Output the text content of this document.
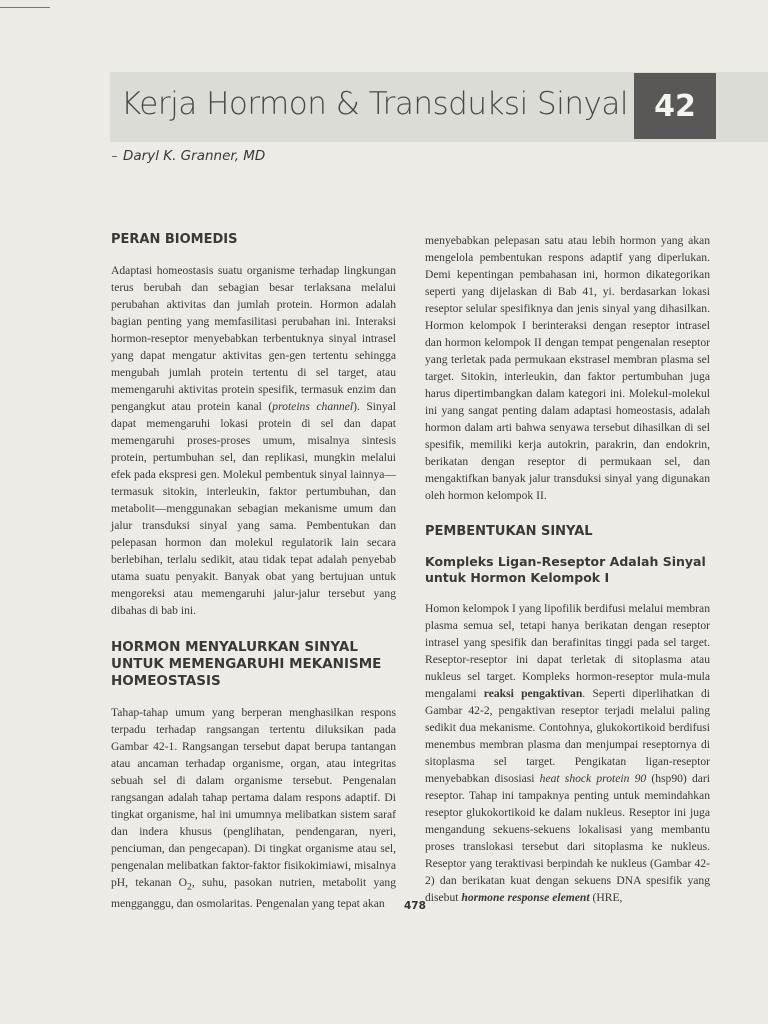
Kerja Hormon & Transduksi Sinyal 42
Daryl K. Granner, MD
PERAN BIOMEDIS

Adaptasi homeostasis suatu organisme terhadap lingkungan terus berubah dan sebagian besar terlaksana melalui perubahan aktivitas dan jumlah protein. Hormon adalah bagian penting yang memfasilitasi perubahan ini. Interaksi hormon-reseptor menyebabkan terbentuknya sinyal intrasel yang dapat mengatur aktivitas gen-gen tertentu sehingga mengubah jumlah protein tertentu di sel target, atau memengaruhi aktivitas protein spesifik, termasuk enzim dan pengangkut atau protein kanal (proteins channel). Sinyal dapat memengaruhi lokasi protein di sel dan dapat memengaruhi proses-proses umum, misalnya sintesis protein, pertumbuhan sel, dan replikasi, mungkin melalui efek pada ekspresi gen. Molekul pembentuk sinyal lainnya—termasuk sitokin, interleukin, faktor pertumbuhan, dan metabolit—menggunakan sebagian mekanisme umum dan jalur transduksi sinyal yang sama. Pembentukan dan pelepasan hormon dan molekul regulatorik lain secara berlebihan, terlalu sedikit, atau tidak tepat adalah penyebab utama suatu penyakit. Banyak obat yang bertujuan untuk mengoreksi atau memengaruhi jalur-jalur tersebut yang dibahas di bab ini.

HORMON MENYALURKAN SINYAL UNTUK MEMENGARUHI MEKANISME HOMEOSTASIS

Tahap-tahap umum yang berperan menghasilkan respons terpadu terhadap rangsangan tertentu diluksikan pada Gambar 42-1. Rangsangan tersebut dapat berupa tantangan atau ancaman terhadap organisme, organ, atau integritas sebuah sel di dalam organisme tersebut. Pengenalan rangsangan adalah tahap pertama dalam respons adaptif. Di tingkat organisme, hal ini umumnya melibatkan sistem saraf dan indera khusus (penglihatan, pendengaran, nyeri, penciuman, dan pengecapan). Di tingkat organisme atau sel, pengenalan melibatkan faktor-faktor fisikokimiawi, misalnya pH, tekanan $O_2$, suhu, pasokan nutrien, metabolit yang mengganggu, dan osmolaritas. Pengenalan yang tepat akan

menyebabkan pelepasan satu atau lebih hormon yang akan mengelola pembentukan respons adaptif yang diperlukan. Demi kepentingan pembahasan ini, hormon dikategorikan seperti yang dijelaskan di Bab 41, yi. berdasarkan lokasi reseptor selular spesifiknya dan jenis sinyal yang dihasilkan. Hormon kelompok I berinteraksi dengan reseptor intrasel dan hormon kelompok II dengan tempat pengenalan reseptor yang terletak pada permukaan ekstrasel membran plasma sel target. Sitokin, interleukin, dan faktor pertumbuhan juga harus dipertimbangkan dalam kategori ini. Molekul-molekul ini yang sangat penting dalam adaptasi homeostasis, adalah hormon dalam arti bahwa senyawa tersebut dihasilkan di sel spesifik, memiliki kerja autokrin, parakrin, dan endokrin, berikatan dengan reseptor di permukaan sel, dan mengaktifkan banyak jalur transduksi sinyal yang digunakan oleh hormon kelompok II.

PEMBENTUKAN SINYAL
Kompleks Ligan-Reseptor Adalah Sinyal untuk Hormon Kelompok I

Homon kelompok I yang lipofilik berdifusi melalui membran plasma semua sel, tetapi hanya berikatan dengan reseptor intrasel yang spesifik dan berafinitas tinggi pada sel target. Reseptor-reseptor ini dapat terletak di sitoplasma atau nukleus sel target. Kompleks hormon-reseptor mula-mula mengalami reaksi pengaktivan. Seperti diperlihatkan di Gambar 42-2, pengaktivan reseptor terjadi melalui paling sedikit dua mekanisme. Contohnya, glukokortikoid berdifusi menembus membran plasma dan menjumpai reseptornya di sitoplasma sel target. Pengikatan ligan-reseptor menyebabkan disosiasi heat shock protein 90 (hsp90) dari reseptor. Tahap ini tampaknya penting untuk memindahkan reseptor glukokortikoid ke dalam nukleus. Reseptor ini juga mengandung sekuens-sekuens lokalisasi yang membantu proses translokasi tersebut dari sitoplasma ke nukleus. Reseptor yang teraktivasi berpindah ke nukleus (Gambar 42-2) dan berikatan kuat dengan sekuens DNA spesifik yang disebut hormone response element (HRE,

478
